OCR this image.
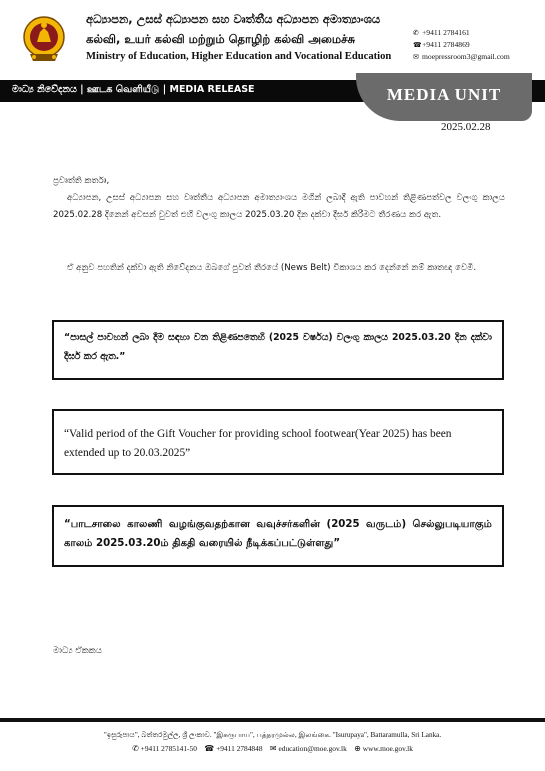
අධ්‍යාපන, උසස් අධ්‍යාපන සහ වෘත්තීය අධ්‍යාපන අමාත්‍යාංශය
கல்வி, உயர் கல்வி மற்றும் தொழிற் கல்வி அமைச்சு
Ministry of Education, Higher Education and Vocational Education
✆ +9411 2784161
☎+9411 2784869
✉ moepressroom3@gmail.com
මාධ්‍ය නිවේදනය | ஊடக வெளியீடு | MEDIA RELEASE	MEDIA UNIT
2025.02.28
ප්‍රවෘත්ති කර්තෘ,
අධ්‍යාපන, උසස් අධ්‍යාපන සහ වෘත්තීය අධ්‍යාපන අමාත්‍යාංශය මගින් ලබාදී ඇති පාවහන් තිළිණපත්වල වලංගු කාලය 2025.02.28 දිනෙන් අවසන් වුවත් එහි වලංගු කාලය 2025.03.20 දින දක්වා දීර්ඝ කිරීමට තීරණය කර ඇත.
ඒ අනුව පහතින් දක්වා ඇති නිවේදනය ඔබගේ පුවත් තීරයේ (News Belt) විකාශය කර දෙන්නේ නම් කෘතඥ වෙමි.
“පාසල් පාවහන් ලබා දීම සඳහා වන තිළිණපතෙහි (2025 වර්ෂය) වලංගු කාලය 2025.03.20 දින දක්වා දීර්ඝ කර ඇත.”
“Valid period of the Gift Voucher for providing school footwear(Year 2025) has been extended up to 20.03.2025”
“பாடசாலை காலணி வழங்குவதற்கான வவுச்சர்களின் (2025 வருடம்) செல்லுபடியாகும் காலம் 2025.03.20ம் திகதி வரையில் நீடிக்கப்பட்டுள்ளது”
මාධ්‍ය ඒකකය
"ඉසුරුපාය", බත්තරමුල්ල, ශ්‍රී ලංකාව. "இசுருபாய", பத்தரமுல்ல, இலங்கை. "Isurupaya", Battaramulla, Sri Lanka.
✆ +9411 2785141-50 ☎ +9411 2784848 ✉ education@moe.gov.lk ⊕ www.moe.gov.lk
